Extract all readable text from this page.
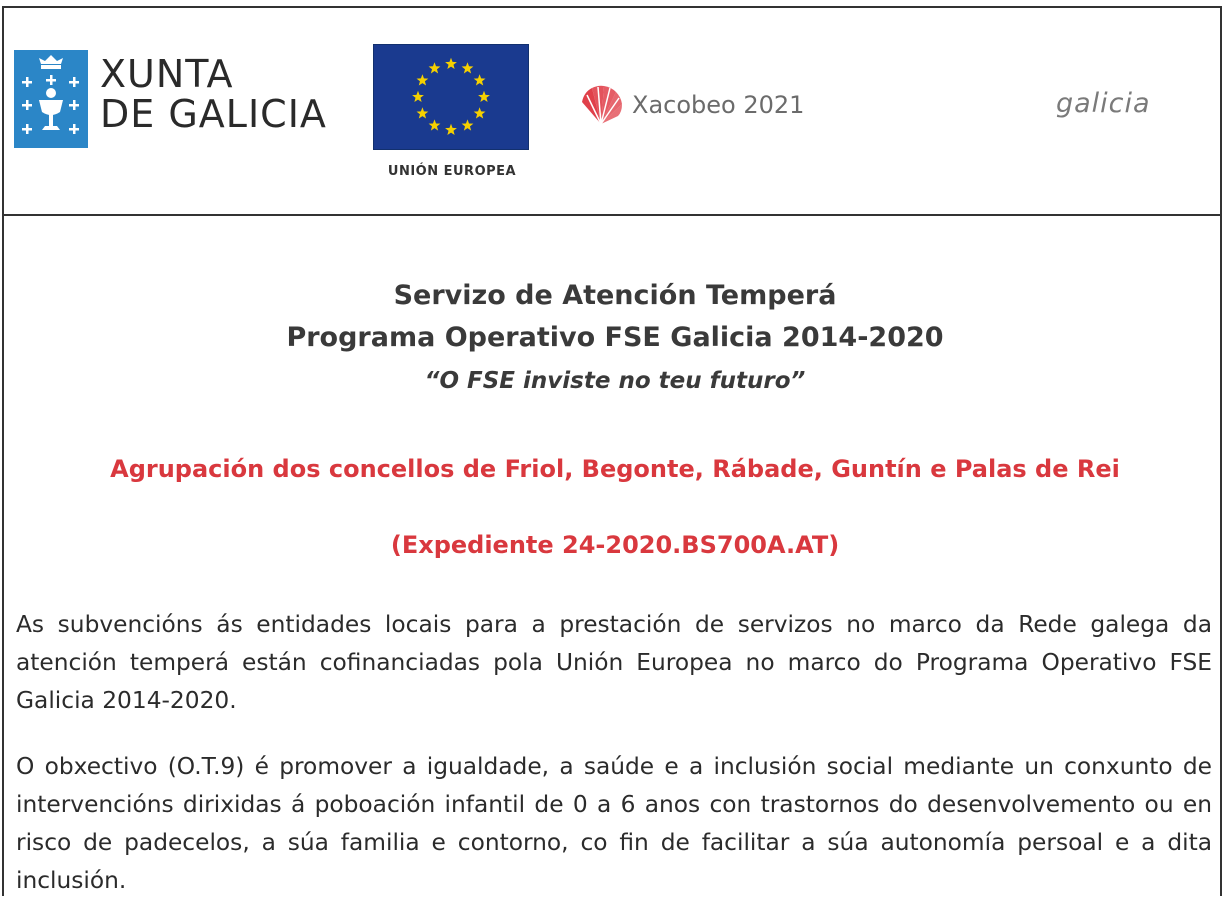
XUNTA
DE GALICIA
UNIÓN EUROPEA
Xacobeo 2021	galicia
Servizo de Atención Temperá
Programa Operativo FSE Galicia 2014-2020
“O FSE inviste no teu futuro”
Agrupación dos concellos de Friol, Begonte, Rábade, Guntín e Palas de Rei
(Expediente 24-2020.BS700A.AT)
As subvencións ás entidades locais para a prestación de servizos no marco da Rede galega da atención temperá están cofinanciadas pola Unión Europea no marco do Programa Operativo FSE Galicia 2014-2020.
O obxectivo (O.T.9) é promover a igualdade, a saúde e a inclusión social mediante un conxunto de intervencións dirixidas á poboación infantil de 0 a 6 anos con trastornos do desenvolvemento ou en risco de padecelos, a súa familia e contorno, co fin de facilitar a súa autonomía persoal e a dita inclusión.
